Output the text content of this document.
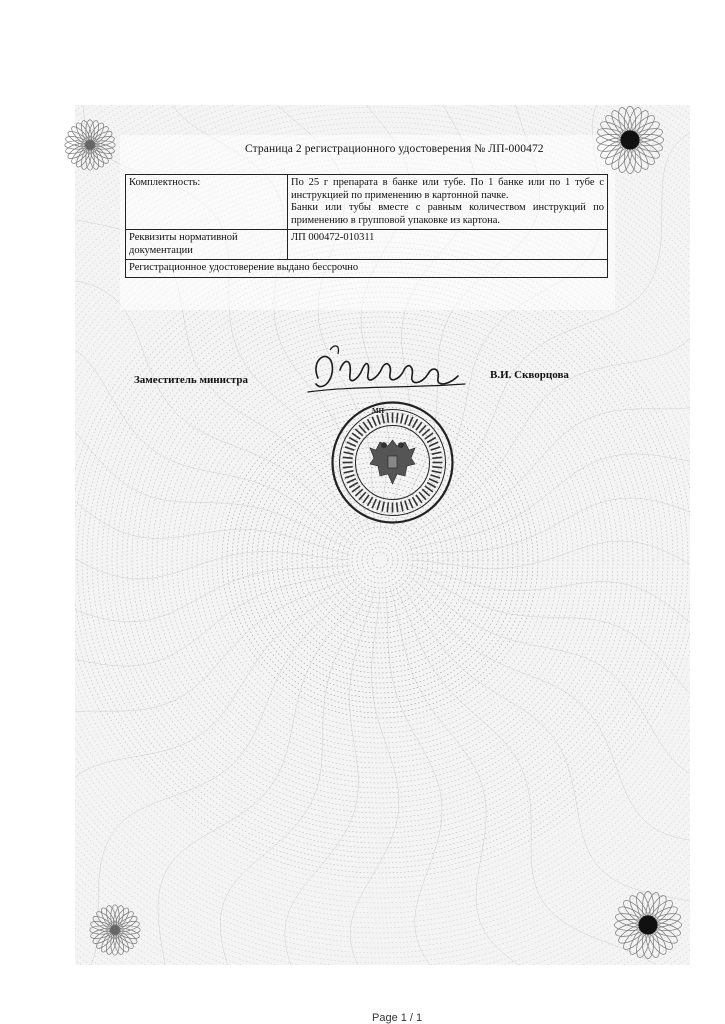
Страница 2 регистрационного удостоверения № ЛП-000472
Комплектность:	По 25 г препарата в банке или тубе. По 1 банке или по 1 тубе с инструкцией по применению в картонной пачке.

Банки или тубы вместе с равным количеством инструкций по применению в групповой упаковке из картона.

Реквизиты нормативной документации	ЛП 000472-010311
Регистрационное удостоверение выдано бессрочно	
Заместитель министра	В.И. Скворцова
МП
Page 1 / 1
